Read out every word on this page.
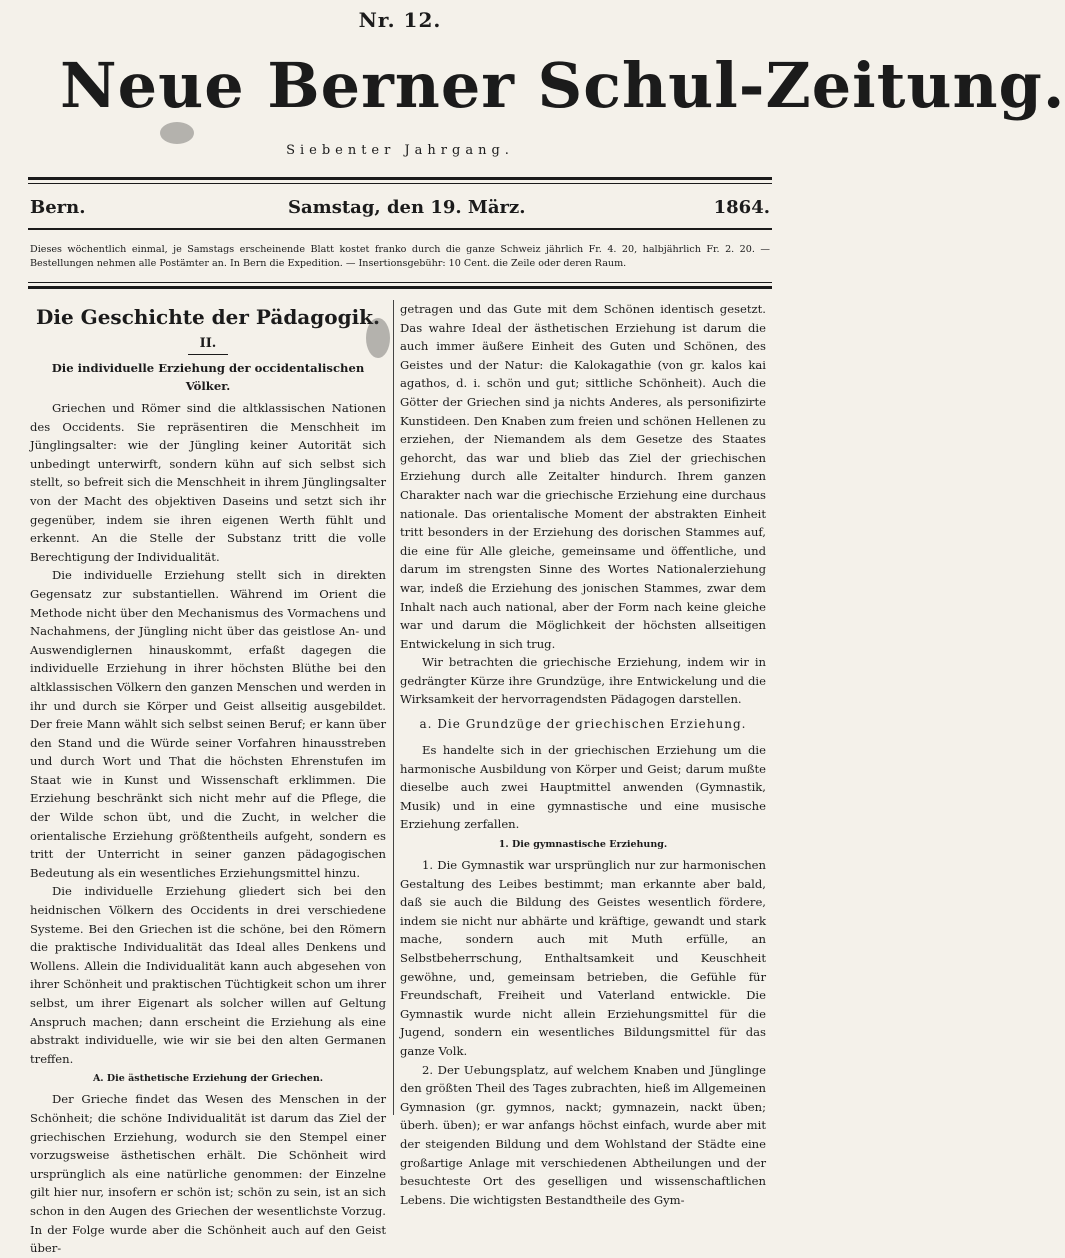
Nr. 12.
Neue Berner Schul-Zeitung.
Siebenter Jahrgang.
Bern.	Samstag, den 19. März.	1864.
Dieses wöchentlich einmal, je Samstags erscheinende Blatt kostet franko durch die ganze Schweiz jährlich Fr. 4. 20, halbjährlich Fr. 2. 20. — Bestellungen nehmen alle Postämter an. In Bern die Expedition. — Insertionsgebühr: 10 Cent. die Zeile oder deren Raum.
Die Geschichte der Pädagogik.
II.
Die individuelle Erziehung der occidentalischen Völker.

Griechen und Römer sind die altklassischen Nationen des Occidents. Sie repräsentiren die Menschheit im Jünglingsalter: wie der Jüngling keiner Autorität sich unbedingt unterwirft, sondern kühn auf sich selbst sich stellt, so befreit sich die Menschheit in ihrem Jünglingsalter von der Macht des objektiven Daseins und setzt sich ihr gegenüber, indem sie ihren eigenen Werth fühlt und erkennt. An die Stelle der Substanz tritt die volle Berechtigung der Individualität.

Die individuelle Erziehung stellt sich in direkten Gegensatz zur substantiellen. Während im Orient die Methode nicht über den Mechanismus des Vormachens und Nachahmens, der Jüngling nicht über das geistlose An- und Auswendiglernen hinauskommt, erfaßt dagegen die individuelle Erziehung in ihrer höchsten Blüthe bei den altklassischen Völkern den ganzen Menschen und werden in ihr und durch sie Körper und Geist allseitig ausgebildet. Der freie Mann wählt sich selbst seinen Beruf; er kann über den Stand und die Würde seiner Vorfahren hinausstreben und durch Wort und That die höchsten Ehrenstufen im Staat wie in Kunst und Wissenschaft erklimmen. Die Erziehung beschränkt sich nicht mehr auf die Pflege, die der Wilde schon übt, und die Zucht, in welcher die orientalische Erziehung größtentheils aufgeht, sondern es tritt der Unterricht in seiner ganzen pädagogischen Bedeutung als ein wesentliches Erziehungsmittel hinzu.

Die individuelle Erziehung gliedert sich bei den heidnischen Völkern des Occidents in drei verschiedene Systeme. Bei den Griechen ist die schöne, bei den Römern die praktische Individualität das Ideal alles Denkens und Wollens. Allein die Individualität kann auch abgesehen von ihrer Schönheit und praktischen Tüchtigkeit schon um ihrer selbst, um ihrer Eigenart als solcher willen auf Geltung Anspruch machen; dann erscheint die Erziehung als eine abstrakt individuelle, wie wir sie bei den alten Germanen treffen.

A. Die ästhetische Erziehung der Griechen.

Der Grieche findet das Wesen des Menschen in der Schönheit; die schöne Individualität ist darum das Ziel der griechischen Erziehung, wodurch sie den Stempel einer vorzugsweise ästhetischen erhält. Die Schönheit wird ursprünglich als eine natürliche genommen: der Einzelne gilt hier nur, insofern er schön ist; schön zu sein, ist an sich schon in den Augen des Griechen der wesentlichste Vorzug. In der Folge wurde aber die Schönheit auch auf den Geist über-

getragen und das Gute mit dem Schönen identisch gesetzt. Das wahre Ideal der ästhetischen Erziehung ist darum die auch immer äußere Einheit des Guten und Schönen, des Geistes und der Natur: die Kalokagathie (von gr. kalos kai agathos, d. i. schön und gut; sittliche Schönheit). Auch die Götter der Griechen sind ja nichts Anderes, als personifizirte Kunstideen. Den Knaben zum freien und schönen Hellenen zu erziehen, der Niemandem als dem Gesetze des Staates gehorcht, das war und blieb das Ziel der griechischen Erziehung durch alle Zeitalter hindurch. Ihrem ganzen Charakter nach war die griechische Erziehung eine durchaus nationale. Das orientalische Moment der abstrakten Einheit tritt besonders in der Erziehung des dorischen Stammes auf, die eine für Alle gleiche, gemeinsame und öffentliche, und darum im strengsten Sinne des Wortes Nationalerziehung war, indeß die Erziehung des jonischen Stammes, zwar dem Inhalt nach auch national, aber der Form nach keine gleiche war und darum die Möglichkeit der höchsten allseitigen Entwickelung in sich trug.

Wir betrachten die griechische Erziehung, indem wir in gedrängter Kürze ihre Grundzüge, ihre Entwickelung und die Wirksamkeit der hervorragendsten Pädagogen darstellen.

a. Die Grundzüge der griechischen Erziehung.

Es handelte sich in der griechischen Erziehung um die harmonische Ausbildung von Körper und Geist; darum mußte dieselbe auch zwei Hauptmittel anwenden (Gymnastik, Musik) und in eine gymnastische und eine musische Erziehung zerfallen.

1. Die gymnastische Erziehung.

1. Die Gymnastik war ursprünglich nur zur harmonischen Gestaltung des Leibes bestimmt; man erkannte aber bald, daß sie auch die Bildung des Geistes wesentlich fördere, indem sie nicht nur abhärte und kräftige, gewandt und stark mache, sondern auch mit Muth erfülle, an Selbstbeherrschung, Enthaltsamkeit und Keuschheit gewöhne, und, gemeinsam betrieben, die Gefühle für Freundschaft, Freiheit und Vaterland entwickle. Die Gymnastik wurde nicht allein Erziehungsmittel für die Jugend, sondern ein wesentliches Bildungsmittel für das ganze Volk.

2. Der Uebungsplatz, auf welchem Knaben und Jünglinge den größten Theil des Tages zubrachten, hieß im Allgemeinen Gymnasion (gr. gymnos, nackt; gymnazein, nackt üben; überh. üben); er war anfangs höchst einfach, wurde aber mit der steigenden Bildung und dem Wohlstand der Städte eine großartige Anlage mit verschiedenen Abtheilungen und der besuchteste Ort des geselligen und wissenschaftlichen Lebens. Die wichtigsten Bestandtheile des Gym-
